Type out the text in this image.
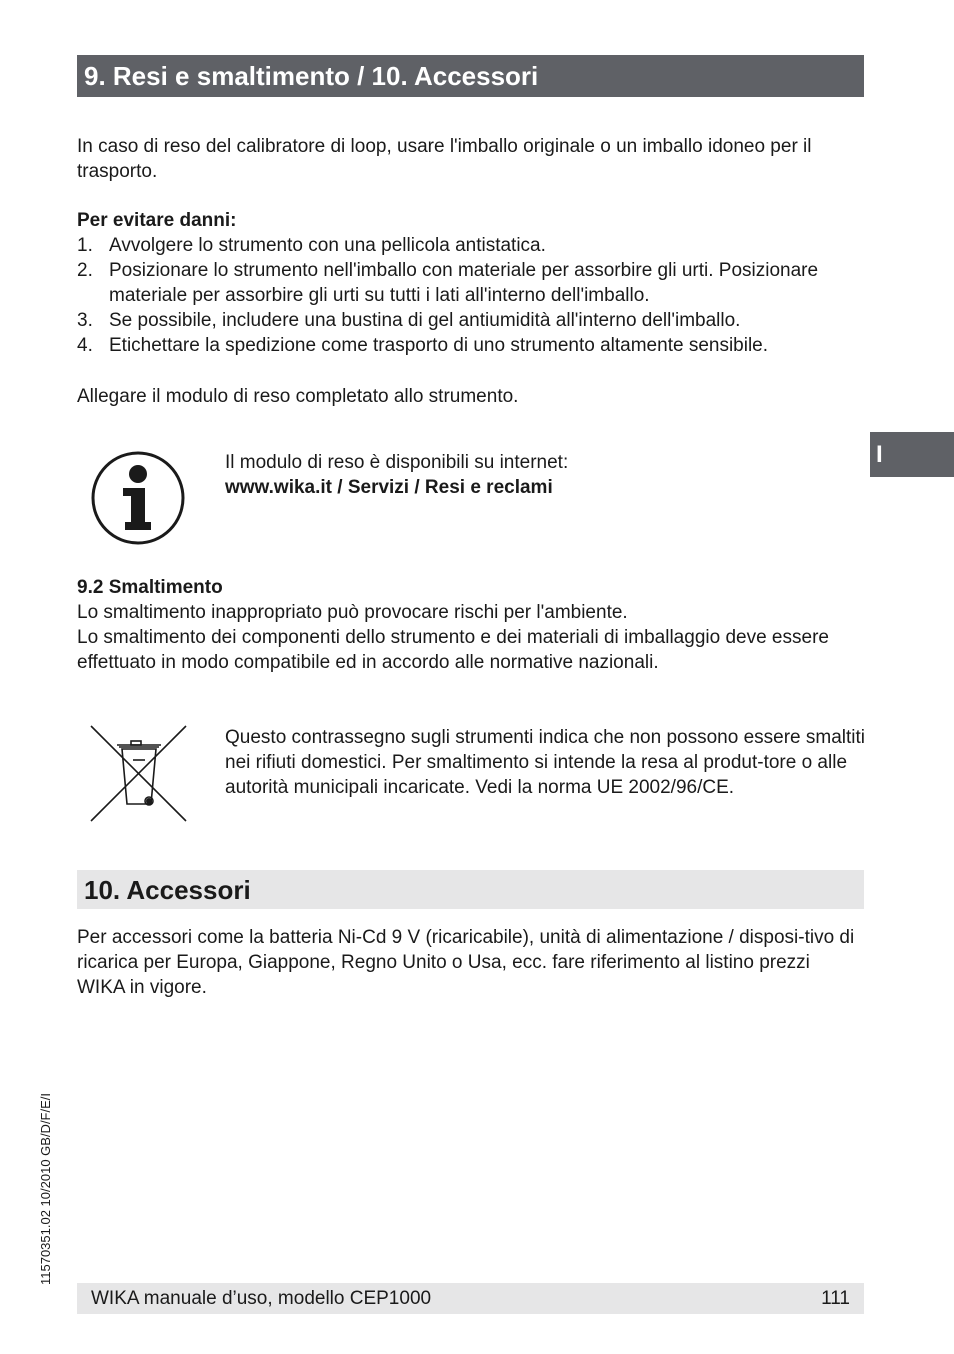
9. Resi e smaltimento / 10. Accessori
In caso di reso del calibratore di loop, usare l'imballo originale o un imballo idoneo per il trasporto.
Per evitare danni:
1. Avvolgere lo strumento con una pellicola antistatica.
2. Posizionare lo strumento nell'imballo con materiale per assorbire gli urti. Posizionare materiale per assorbire gli urti su tutti i lati all'interno dell'imballo.
3. Se possibile, includere una bustina di gel antiumidità all'interno dell'imballo.
4. Etichettare la spedizione come trasporto di uno strumento altamente sensibile.
Allegare il modulo di reso completato allo strumento.
Il modulo di reso è disponibili su internet:
www.wika.it / Servizi / Resi e reclami
9.2 Smaltimento
Lo smaltimento inappropriato può provocare rischi per l'ambiente.
Lo smaltimento dei componenti dello strumento e dei materiali di imballaggio deve essere effettuato in modo compatibile ed in accordo alle normative nazionali.
Questo contrassegno sugli strumenti indica che non possono essere smaltiti nei rifiuti domestici. Per smaltimento si intende la resa al produt-tore o alle autorità municipali incaricate. Vedi la norma UE 2002/96/CE.
10. Accessori
Per accessori come la batteria Ni-Cd 9 V (ricaricabile), unità di alimentazione / disposi-tivo di ricarica per Europa, Giappone, Regno Unito o Usa, ecc. fare riferimento al listino prezzi WIKA in vigore.
I
11570351.02 10/2010 GB/D/F/E/I
WIKA manuale d’uso, modello CEP1000	111
